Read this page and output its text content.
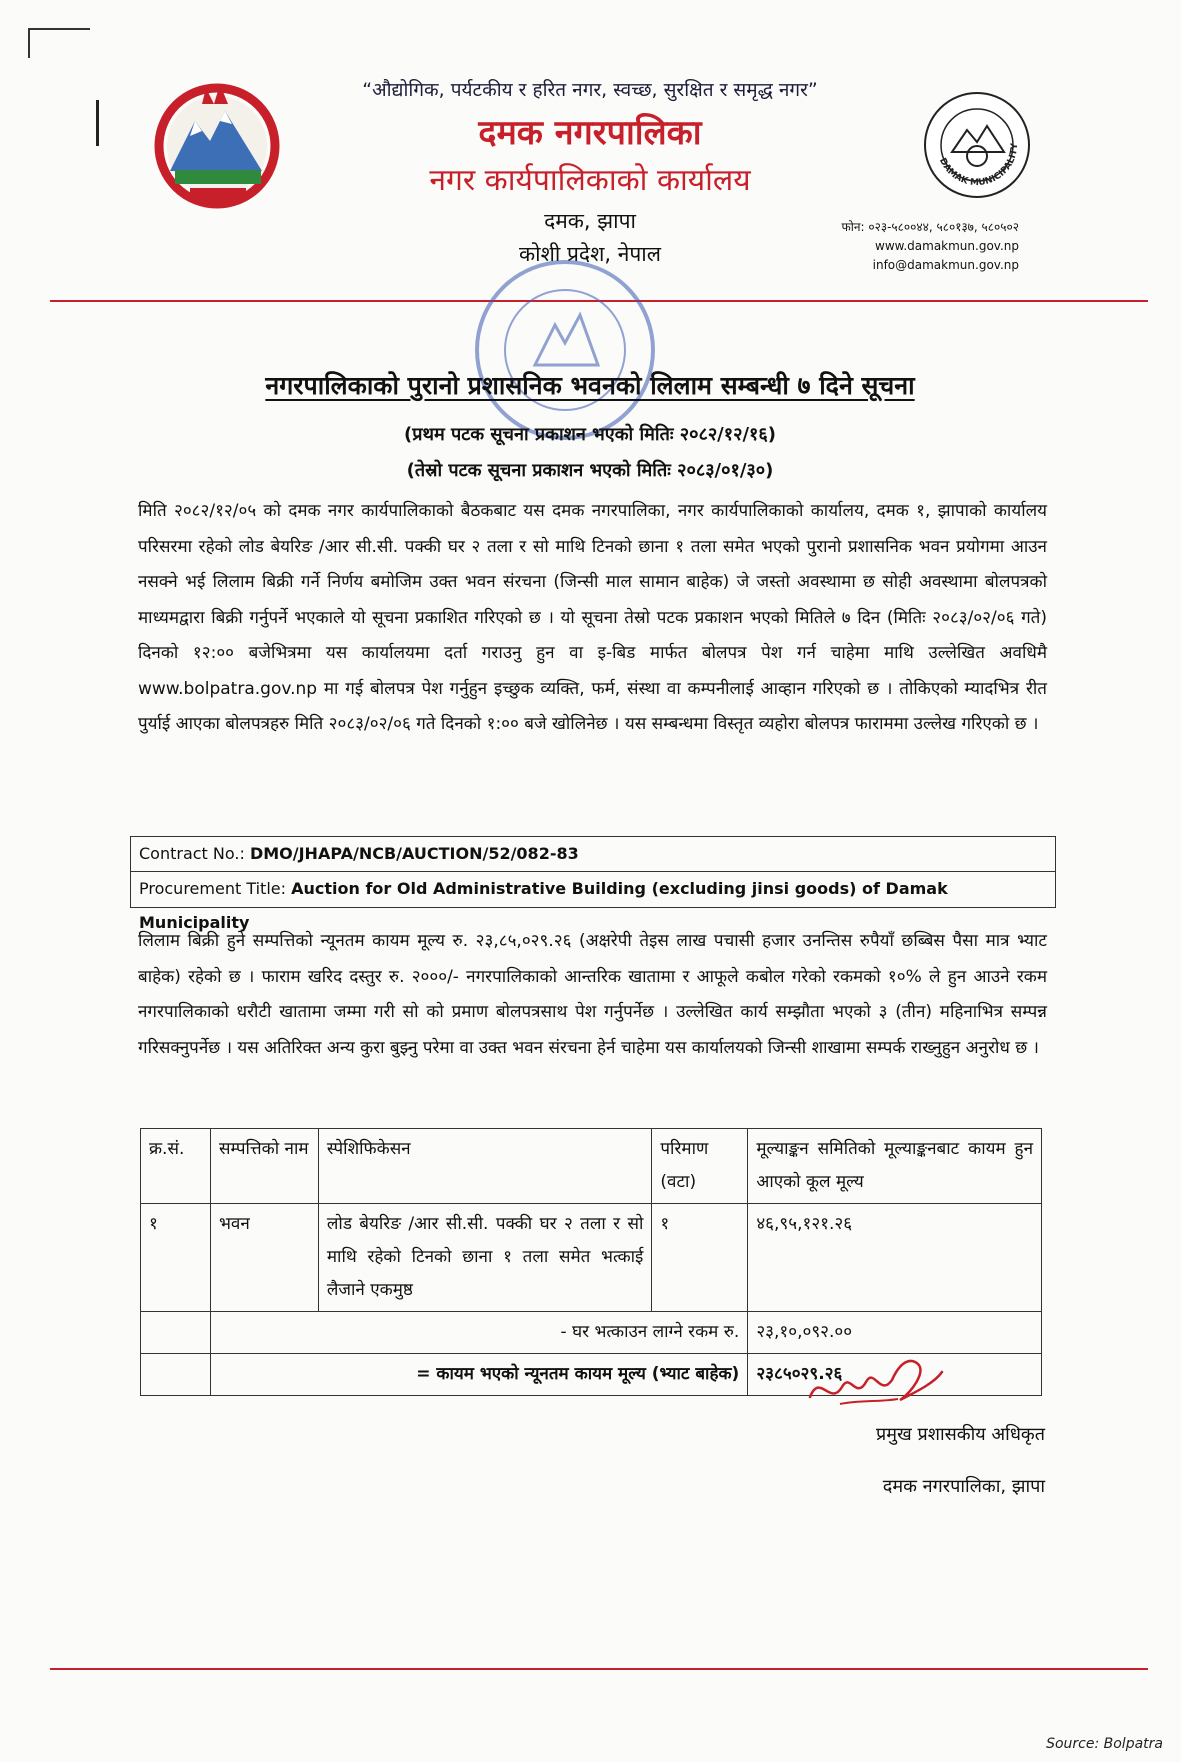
DAMAK MUNICIPALITY
“औद्योगिक, पर्यटकीय र हरित नगर, स्वच्छ, सुरक्षित र समृद्ध नगर”
दमक नगरपालिका
नगर कार्यपालिकाको कार्यालय
दमक, झापा
कोशी प्रदेश, नेपाल
फोन: ०२३-५८००४४, ५८०१३७, ५८०५०२
www.damakmun.gov.np
info@damakmun.gov.np
नगरपालिकाको पुरानो प्रशासनिक भवनको लिलाम सम्बन्धी ७ दिने सूचना
(प्रथम पटक सूचना प्रकाशन भएको मितिः २०८२/१२/१६)
(तेस्रो पटक सूचना प्रकाशन भएको मितिः २०८३/०१/३०)
मिति २०८२/१२/०५ को दमक नगर कार्यपालिकाको बैठकबाट यस दमक नगरपालिका, नगर कार्यपालिकाको कार्यालय, दमक १, झापाको कार्यालय परिसरमा रहेको लोड बेयरिङ /आर सी.सी. पक्की घर २ तला र सो माथि टिनको छाना १ तला समेत भएको पुरानो प्रशासनिक भवन प्रयोगमा आउन नसक्ने भई लिलाम बिक्री गर्ने निर्णय बमोजिम उक्त भवन संरचना (जिन्सी माल सामान बाहेक) जे जस्तो अवस्थामा छ सोही अवस्थामा बोलपत्रको माध्यमद्वारा बिक्री गर्नुपर्ने भएकाले यो सूचना प्रकाशित गरिएको छ । यो सूचना तेस्रो पटक प्रकाशन भएको मितिले ७ दिन (मितिः २०८३/०२/०६ गते) दिनको १२:०० बजेभित्रमा यस कार्यालयमा दर्ता गराउनु हुन वा इ-बिड मार्फत बोलपत्र पेश गर्न चाहेमा माथि उल्लेखित अवधिमै www.bolpatra.gov.np मा गई बोलपत्र पेश गर्नुहुन इच्छुक व्यक्ति, फर्म, संस्था वा कम्पनीलाई आव्हान गरिएको छ । तोकिएको म्यादभित्र रीत पुर्याई आएका बोलपत्रहरु मिति २०८३/०२/०६ गते दिनको १:०० बजे खोलिनेछ । यस सम्बन्धमा विस्तृत व्यहोरा बोलपत्र फाराममा उल्लेख गरिएको छ ।
Contract No.: DMO/JHAPA/NCB/AUCTION/52/082-83
Procurement Title: Auction for Old Administrative Building (excluding jinsi goods) of Damak Municipality
लिलाम बिक्री हुने सम्पत्तिको न्यूनतम कायम मूल्य रु. २३,८५,०२९.२६ (अक्षरेपी तेइस लाख पचासी हजार उनन्तिस रुपैयाँ छब्बिस पैसा मात्र भ्याट बाहेक) रहेको छ । फाराम खरिद दस्तुर रु. २०००/- नगरपालिकाको आन्तरिक खातामा र आफूले कबोल गरेको रकमको १०% ले हुन आउने रकम नगरपालिकाको धरौटी खातामा जम्मा गरी सो को प्रमाण बोलपत्रसाथ पेश गर्नुपर्नेछ । उल्लेखित कार्य सम्झौता भएको ३ (तीन) महिनाभित्र सम्पन्न गरिसक्नुपर्नेछ । यस अतिरिक्त अन्य कुरा बुझ्नु परेमा वा उक्त भवन संरचना हेर्न चाहेमा यस कार्यालयको जिन्सी शाखामा सम्पर्क राख्नुहुन अनुरोध छ ।
क्र.सं.	सम्पत्तिको नाम	स्पेशिफिकेसन	परिमाण (वटा)	मूल्याङ्कन समितिको मूल्याङ्कनबाट कायम हुन आएको कूल मूल्य
१	भवन	लोड बेयरिङ /आर सी.सी. पक्की घर २ तला र सो माथि रहेको टिनको छाना १ तला समेत भत्काई लैजाने एकमुष्ठ	१	४६,९५,१२१.२६
	- घर भत्काउन लाग्ने रकम रु.			२३,१०,०९२.००
	= कायम भएको न्यूनतम कायम मूल्य (भ्याट बाहेक)			२३८५०२९.२६
प्रमुख प्रशासकीय अधिकृत
दमक नगरपालिका, झापा
Source: Bolpatra
